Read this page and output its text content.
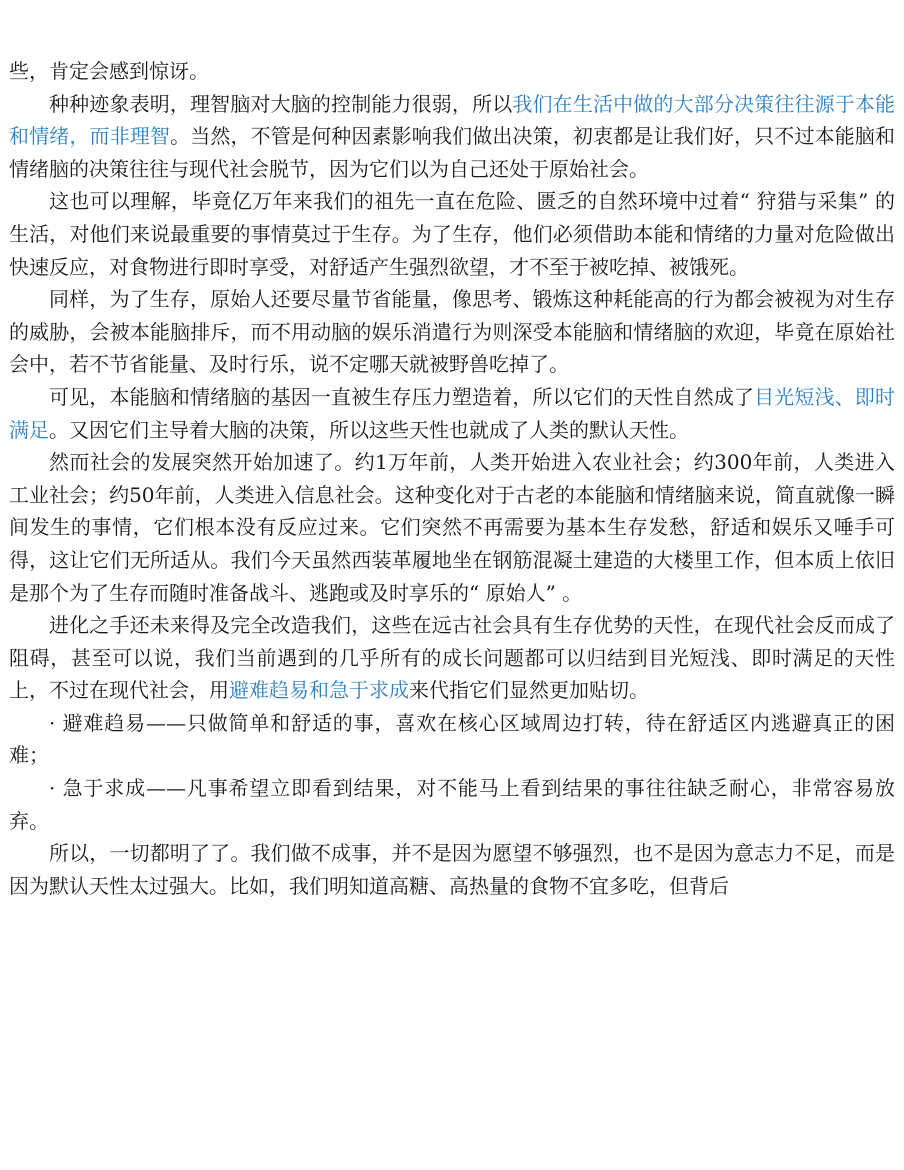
些，肯定会感到惊讶。

种种迹象表明，理智脑对大脑的控制能力很弱，所以我们在生活中做的大部分决策往往源于本能和情绪，而非理智。当然，不管是何种因素影响我们做出决策，初衷都是让我们好，只不过本能脑和情绪脑的决策往往与现代社会脱节，因为它们以为自己还处于原始社会。

这也可以理解，毕竟亿万年来我们的祖先一直在危险、匮乏的自然环境中过着“ 狩猎与采集” 的生活，对他们来说最重要的事情莫过于生存。为了生存，他们必须借助本能和情绪的力量对危险做出快速反应，对食物进行即时享受，对舒适产生强烈欲望，才不至于被吃掉、被饿死。

同样，为了生存，原始人还要尽量节省能量，像思考、锻炼这种耗能高的行为都会被视为对生存的威胁，会被本能脑排斥，而不用动脑的娱乐消遣行为则深受本能脑和情绪脑的欢迎，毕竟在原始社会中，若不节省能量、及时行乐，说不定哪天就被野兽吃掉了。

可见，本能脑和情绪脑的基因一直被生存压力塑造着，所以它们的天性自然成了目光短浅、即时满足。又因它们主导着大脑的决策，所以这些天性也就成了人类的默认天性。

然而社会的发展突然开始加速了。约1万年前，人类开始进入农业社会；约300年前，人类进入工业社会；约50年前，人类进入信息社会。这种变化对于古老的本能脑和情绪脑来说，简直就像一瞬间发生的事情，它们根本没有反应过来。它们突然不再需要为基本生存发愁，舒适和娱乐又唾手可得，这让它们无所适从。我们今天虽然西装革履地坐在钢筋混凝土建造的大楼里工作，但本质上依旧是那个为了生存而随时准备战斗、逃跑或及时享乐的“ 原始人” 。

进化之手还未来得及完全改造我们，这些在远古社会具有生存优势的天性，在现代社会反而成了阻碍，甚至可以说，我们当前遇到的几乎所有的成长问题都可以归结到目光短浅、即时满足的天性上，不过在现代社会，用避难趋易和急于求成来代指它们显然更加贴切。

· 避难趋易——只做简单和舒适的事，喜欢在核心区域周边打转，待在舒适区内逃避真正的困难；

· 急于求成——凡事希望立即看到结果，对不能马上看到结果的事往往缺乏耐心，非常容易放弃。

所以，一切都明了了。我们做不成事，并不是因为愿望不够强烈，也不是因为意志力不足，而是因为默认天性太过强大。比如，我们明知道高糖、高热量的食物不宜多吃，但背后
